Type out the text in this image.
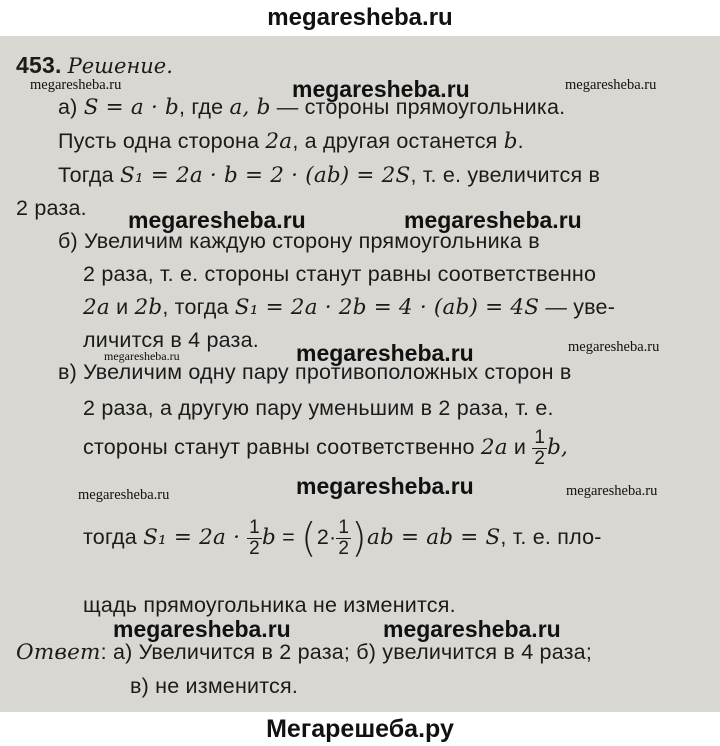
megaresheba.ru
453. Решение.
а) S = a · b, где a, b — стороны прямоугольника.
Пусть одна сторона 2a, а другая останется b.
Тогда S₁ = 2a · b = 2 · (ab) = 2S, т. е. увеличится в
2 раза.
б) Увеличим каждую сторону прямоугольника в
2 раза, т. е. стороны станут равны соответственно
2a и 2b, тогда S₁ = 2a · 2b = 4 · (ab) = 4S — уве-
личится в 4 раза.
в) Увеличим одну пару противоположных сторон в
2 раза, а другую пару уменьшим в 2 раза, т. е.
стороны станут равны соответственно 2a и $\frac{1}{2} b$,
тогда $S_1 = 2a \cdot \frac{1}{2}$ $b = (2\cdot \frac{1}{2} )ab$ = ab = S, т. е. пло-
щадь прямоугольника не изменится.
Ответ: а) Увеличится в 2 раза; б) увеличится в 4 раза;
в) не изменится.
megaresheba.ru	megaresheba.ru	megaresheba.ru
megaresheba.ru	megaresheba.ru
megaresheba.ru	megaresheba.ru	megaresheba.ru
megaresheba.ru	megaresheba.ru	megaresheba.ru
megaresheba.ru	megaresheba.ru
Мегарешеба.ру
